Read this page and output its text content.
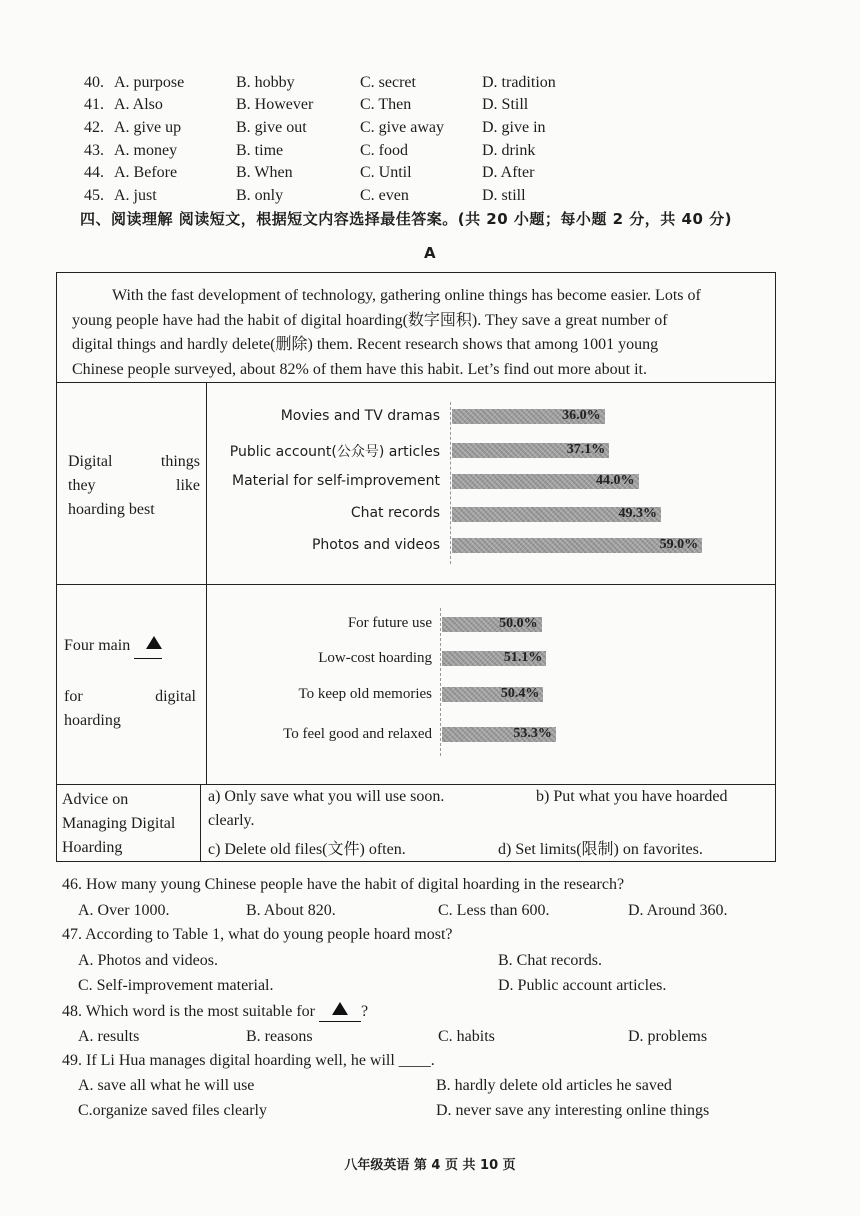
40. A. purpose	B. hobby	C. secret	D. tradition
41. A. Also	B. However	C. Then	D. Still
42. A. give up	B. give out	C. give away D. give in
43. A. money	B. time	C. food	D. drink
44. A. Before	B. When	C. Until	D. After
45. A. just	B. only	C. even	D. still
四、阅读理解 阅读短文，根据短文内容选择最佳答案。(共 20 小题；每小题 2 分，共 40 分)
A
With the fast development of technology, gathering online things has become easier. Lots of
young people have had the habit of digital hoarding(数字囤积). They save a great number of
digital things and hardly delete(删除) them. Recent research shows that among 1001 young
Chinese people surveyed, about 82% of them have this habit. Let’s find out more about it.
Digital things
they like
hoarding best
Movies and TV dramas
Public account(公众号) articles
Material for self-improvement
Chat records
Photos and videos
36.0%
37.1%
44.0%
49.3%
59.0%
Four main
for digital
hoarding
For future use
Low-cost hoarding
To keep old memories
To feel good and relaxed
50.0%
51.1%
50.4%
53.3%
Advice on
Managing Digital
Hoarding
a) Only save what you will use soon.	b) Put what you have hoarded
clearly.
c) Delete old files(文件) often.	d) Set limits(限制) on favorites.
46. How many young Chinese people have the habit of digital hoarding in the research?
A. Over 1000.	B. About 820.	C. Less than 600.	D. Around 360.
47. According to Table 1, what do young people hoard most?
A. Photos and videos.	B. Chat records.
C. Self-improvement material.	D. Public account articles.
48. Which word is the most suitable for	?
A. results	B. reasons	C. habits	D. problems
49. If Li Hua manages digital hoarding well, he will ____.
A. save all what he will use	B. hardly delete old articles he saved
C.organize saved files clearly	D. never save any interesting online things
八年级英语 第 4 页 共 10 页
